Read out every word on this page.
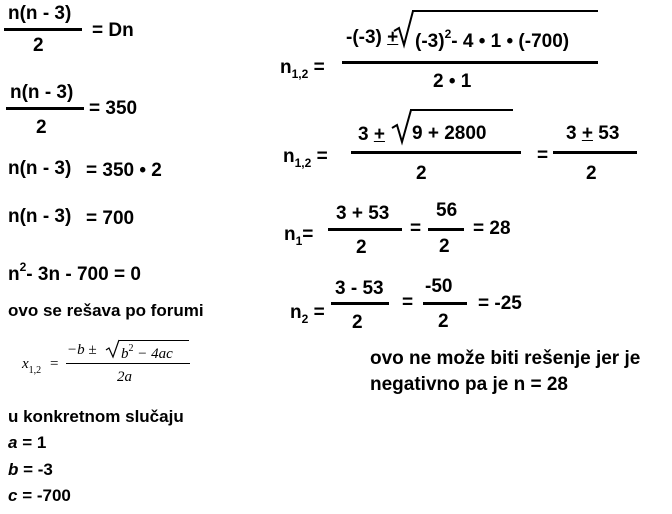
n(n - 3)
2
= Dn
n(n - 3)
2
= 350
n(n - 3) = 350 • 2
n(n - 3) = 700
$n^2-$ 3n - 700 = 0
ovo se rešava po forumi
$x_{1,2}$ =
$-b \pm b^2 - 4ac$
2a
u konkretnom slučaju
a = 1
b = -3
c = -700
$n_{1,2}$ =
$-(-3) + (-3)^2-$ 4 • 1 • (-700)
2 • 1
$n_{1,2}$ =
3 + 9 + 2800
2
=
3 + 53
2
$n_1=$
3 + 53
2
=
56
2
= 28
$n_2$ =
3 - 53
2
=
-50
2
= -25
ovo ne može biti rešenje jer je
negativno pa je n = 28
